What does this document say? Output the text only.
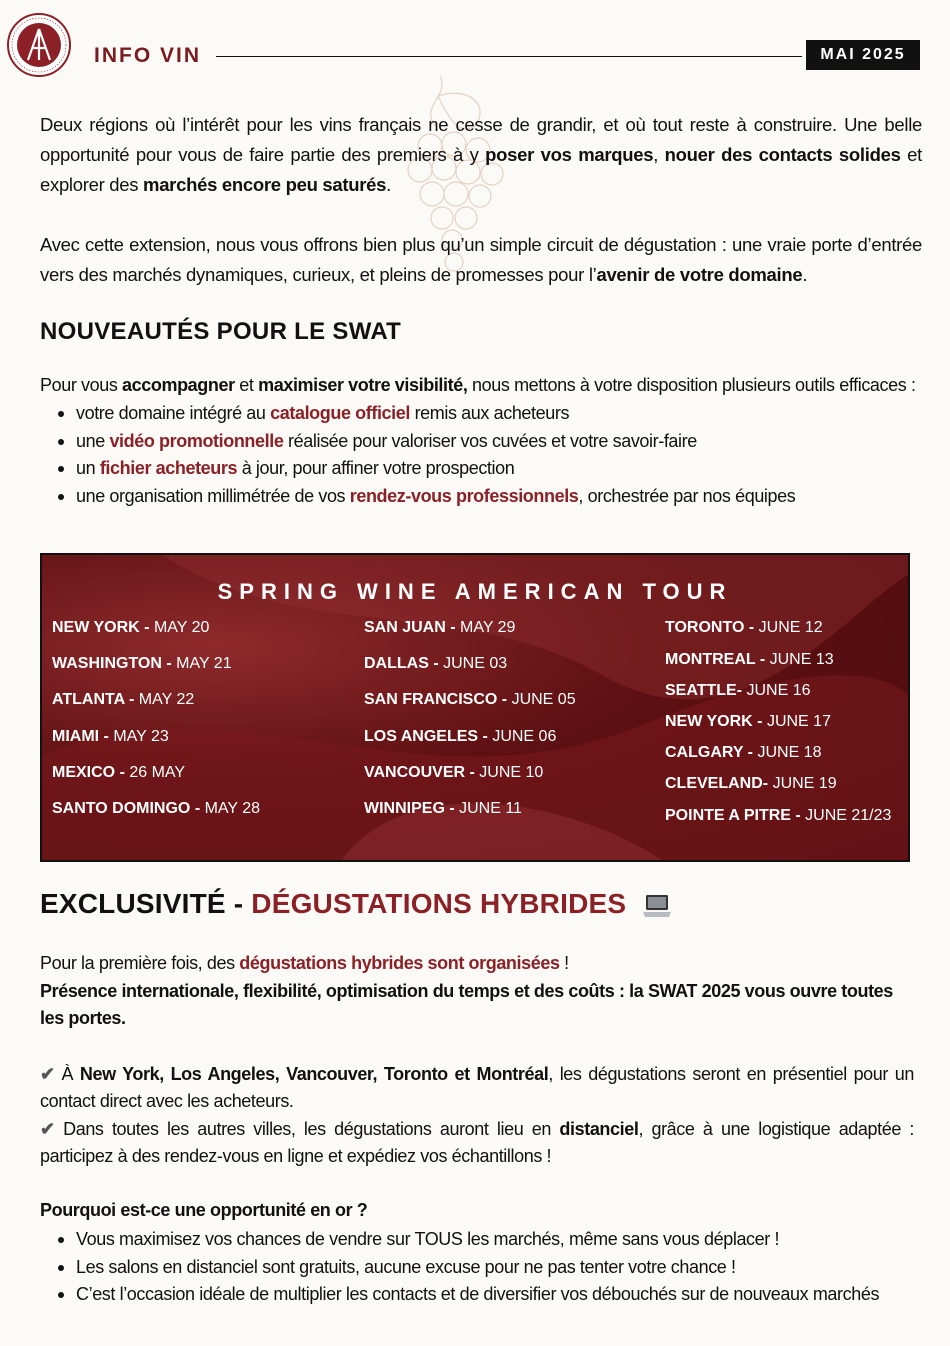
INFO VIN	MAI 2025
Deux régions où l’intérêt pour les vins français ne cesse de grandir, et où tout reste à construire. Une belle opportunité pour vous de faire partie des premiers à y poser vos marques, nouer des contacts solides et explorer des marchés encore peu saturés.
Avec cette extension, nous vous offrons bien plus qu’un simple circuit de dégustation : une vraie porte d’entrée vers des marchés dynamiques, curieux, et pleins de promesses pour l’avenir de votre domaine.
NOUVEAUTÉS POUR LE SWAT
Pour vous accompagner et maximiser votre visibilité, nous mettons à votre disposition plusieurs outils efficaces :
votre domaine intégré au catalogue officiel remis aux acheteurs
une vidéo promotionnelle réalisée pour valoriser vos cuvées et votre savoir-faire
un fichier acheteurs à jour, pour affiner votre prospection
une organisation millimétrée de vos rendez-vous professionnels, orchestrée par nos équipes
SPRING WINE AMERICAN TOUR
NEW YORK - MAY 20
WASHINGTON - MAY 21
ATLANTA - MAY 22
MIAMI - MAY 23
MEXICO - 26 MAY
SANTO DOMINGO - MAY 28
SAN JUAN - MAY 29
DALLAS - JUNE 03
SAN FRANCISCO - JUNE 05
LOS ANGELES - JUNE 06
VANCOUVER - JUNE 10
WINNIPEG - JUNE 11
TORONTO - JUNE 12
MONTREAL - JUNE 13
SEATTLE- JUNE 16
NEW YORK - JUNE 17
CALGARY - JUNE 18
CLEVELAND- JUNE 19
POINTE A PITRE - JUNE 21/23
EXCLUSIVITÉ - DÉGUSTATIONS HYBRIDES
Pour la première fois, des dégustations hybrides sont organisées !
Présence internationale, flexibilité, optimisation du temps et des coûts : la SWAT 2025 vous ouvre toutes les portes.
✔ À New York, Los Angeles, Vancouver, Toronto et Montréal, les dégustations seront en présentiel pour un contact direct avec les acheteurs.
✔ Dans toutes les autres villes, les dégustations auront lieu en distanciel, grâce à une logistique adaptée : participez à des rendez-vous en ligne et expédiez vos échantillons !
Pourquoi est-ce une opportunité en or ?
Vous maximisez vos chances de vendre sur TOUS les marchés, même sans vous déplacer !
Les salons en distanciel sont gratuits, aucune excuse pour ne pas tenter votre chance !
C’est l’occasion idéale de multiplier les contacts et de diversifier vos débouchés sur de nouveaux marchés
